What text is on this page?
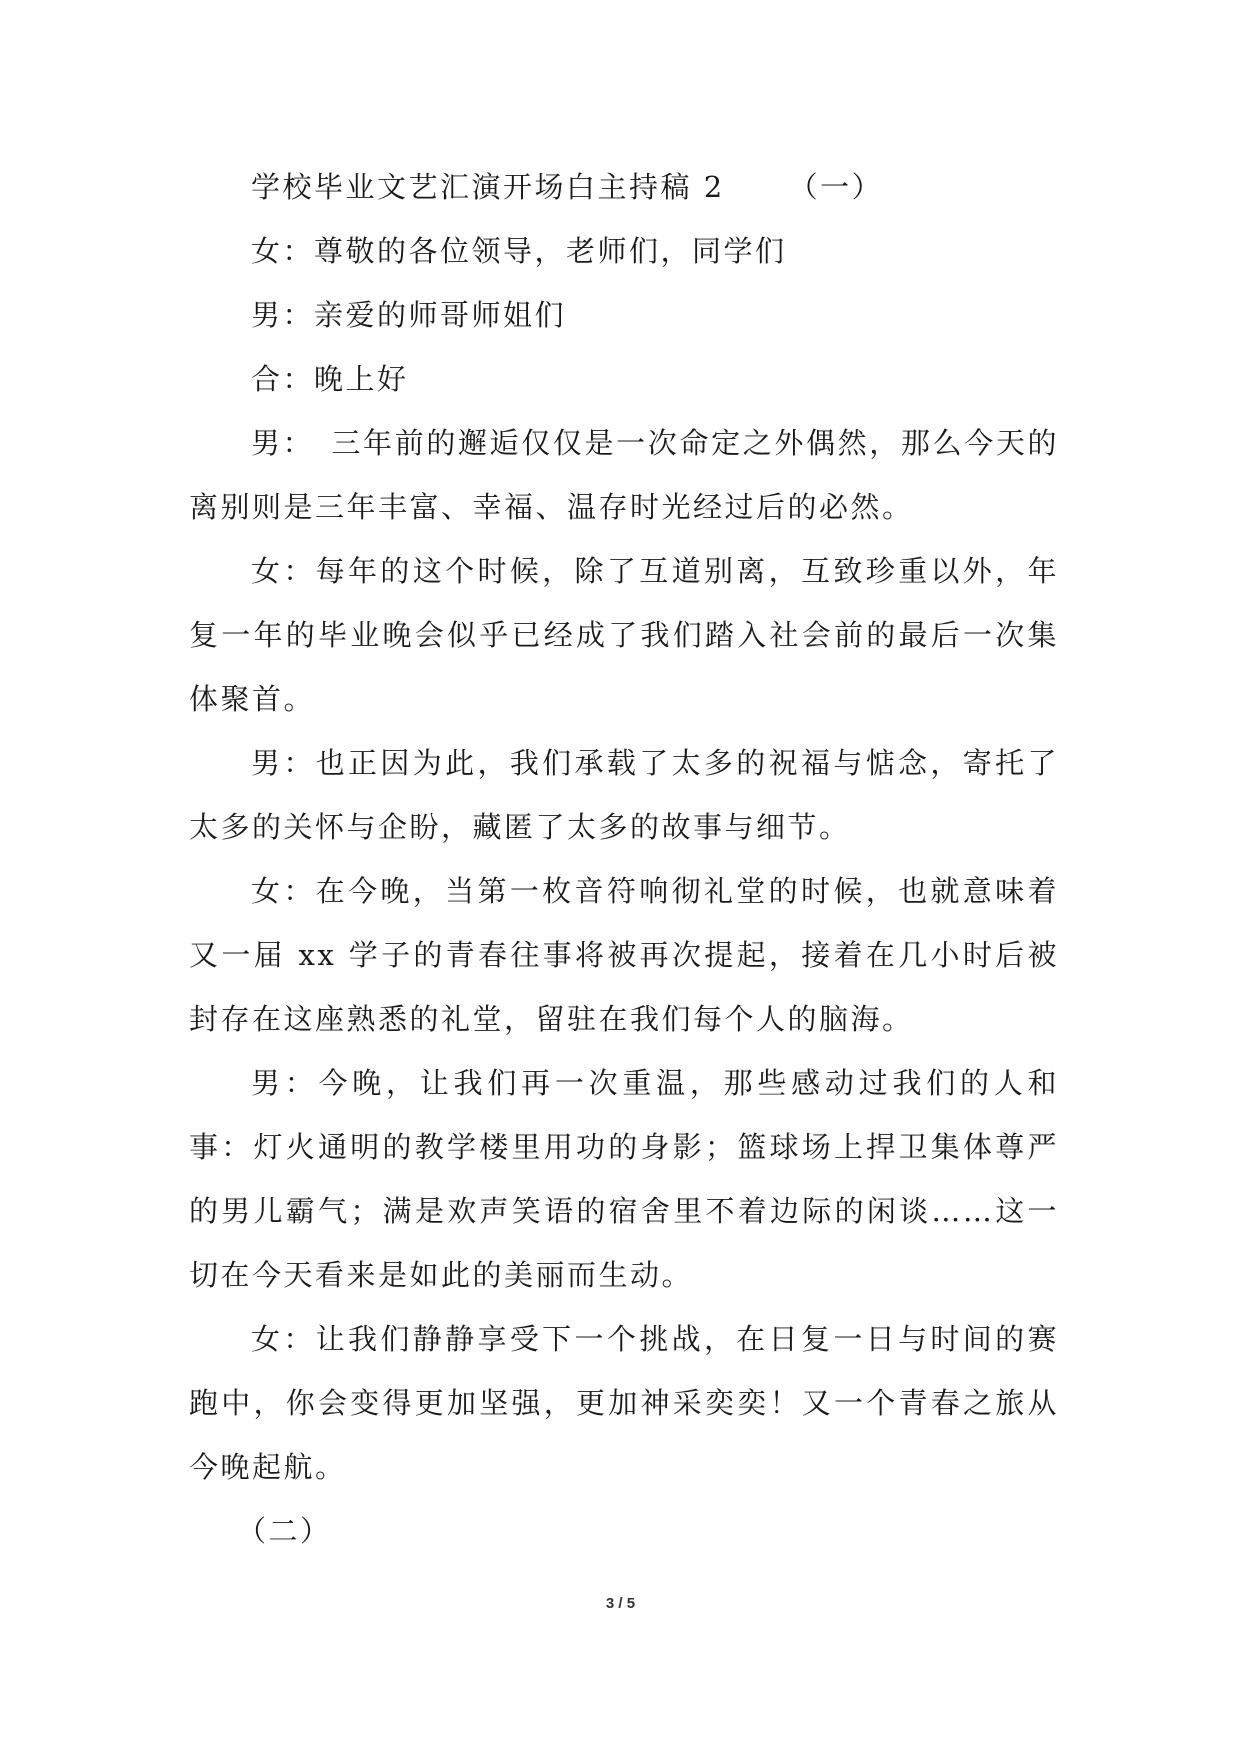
学校毕业文艺汇演开场白主持稿 2 （一）
女：尊敬的各位领导，老师们，同学们
男：亲爱的师哥师姐们
合：晚上好

男：　三年前的邂逅仅仅是一次命定之外偶然，那么今天的离别则是三年丰富、幸福、温存时光经过后的必然。

女：每年的这个时候，除了互道别离，互致珍重以外，年复一年的毕业晚会似乎已经成了我们踏入社会前的最后一次集体聚首。

男：也正因为此，我们承载了太多的祝福与惦念，寄托了太多的关怀与企盼，藏匿了太多的故事与细节。

女：在今晚，当第一枚音符响彻礼堂的时候，也就意味着又一届 xx 学子的青春往事将被再次提起，接着在几小时后被封存在这座熟悉的礼堂，留驻在我们每个人的脑海。

男：今晚，让我们再一次重温，那些感动过我们的人和事：灯火通明的教学楼里用功的身影；篮球场上捍卫集体尊严的男儿霸气；满是欢声笑语的宿舍里不着边际的闲谈……这一切在今天看来是如此的美丽而生动。

女：让我们静静享受下一个挑战，在日复一日与时间的赛跑中，你会变得更加坚强，更加神采奕奕！又一个青春之旅从今晚起航。

（二）
3 / 5
